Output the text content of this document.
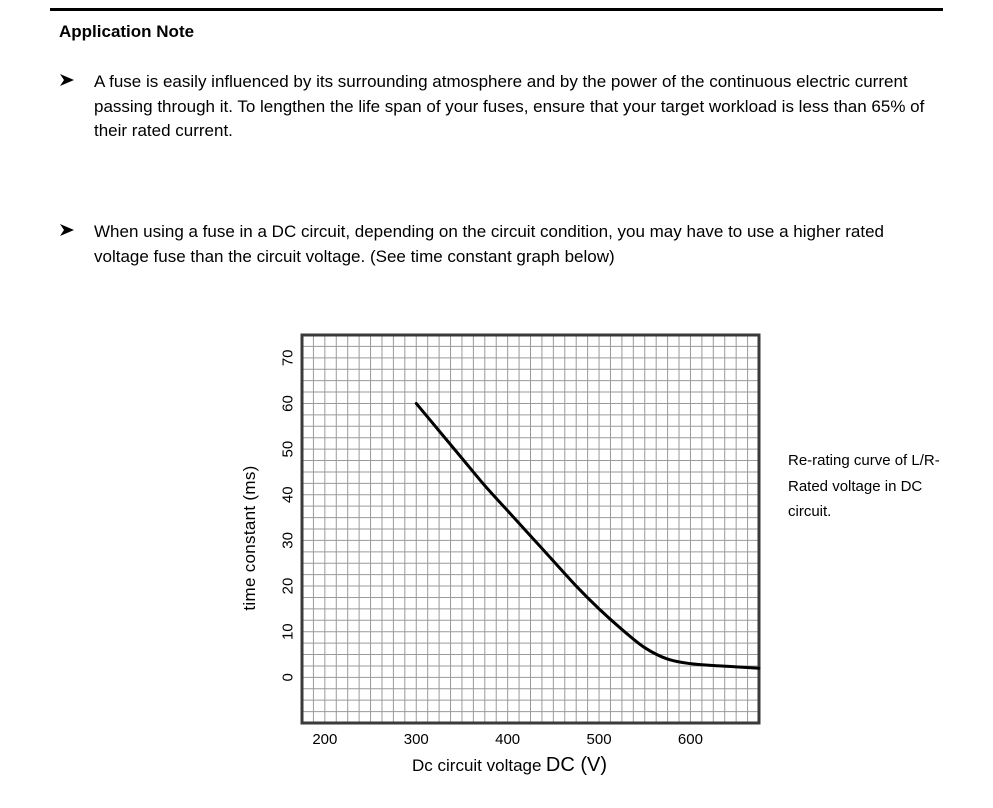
Application Note
A fuse is easily influenced by its surrounding atmosphere and by the power of the continuous electric current passing through it. To lengthen the life span of your fuses, ensure that your target workload is less than 65% of their rated current.
When using a fuse in a DC circuit, depending on the circuit condition, you may have to use a higher rated voltage fuse than the circuit voltage. (See time constant graph below)
200	300	400	500	600
0
10
20
30
40
50
60
70
time constant (ms)
Dc circuit voltage DC (V)

Re-rating curve of L/R-Rated voltage in DC circuit.
